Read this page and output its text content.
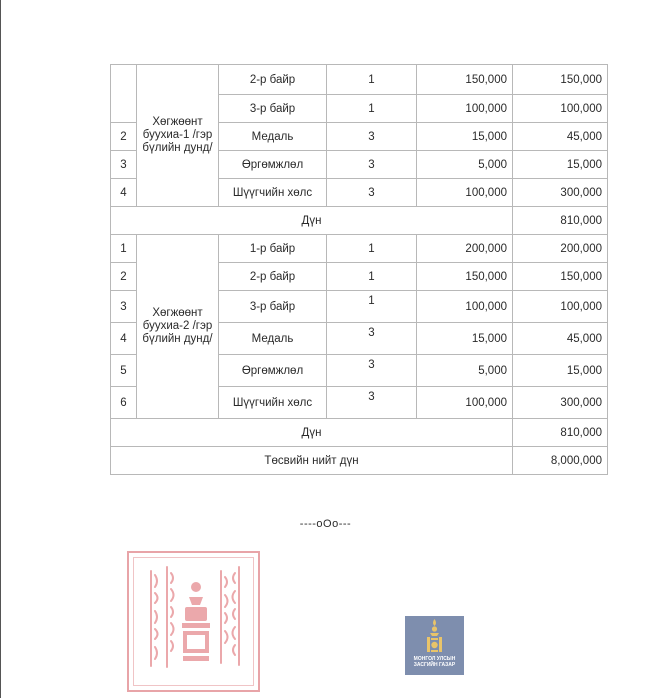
	Хөгжөөнт буухиа-1 /гэр бүлийн дунд/	2-р байр	1	150,000	150,000
		3-р байр	1	100,000	100,000
2		Медаль	3	15,000	45,000
3		Өргөмжлөл	3	5,000	15,000
4		Шүүгчийн хөлс	3	100,000	300,000
Дүн					810,000
1	Хөгжөөнт буухиа-2 /гэр бүлийн дунд/	1-р байр	1	200,000	200,000
2		2-р байр	1	150,000	150,000
3		3-р байр	1	100,000	100,000
4		Медаль	3	15,000	45,000
5		Өргөмжлөл	3	5,000	15,000
6		Шүүгчийн хөлс	3	100,000	300,000
Дүн					810,000
Төсвийн нийт дүн					8,000,000
----oOo---
МОНГОЛ УЛСЫН
ЗАСГИЙН ГАЗАР
